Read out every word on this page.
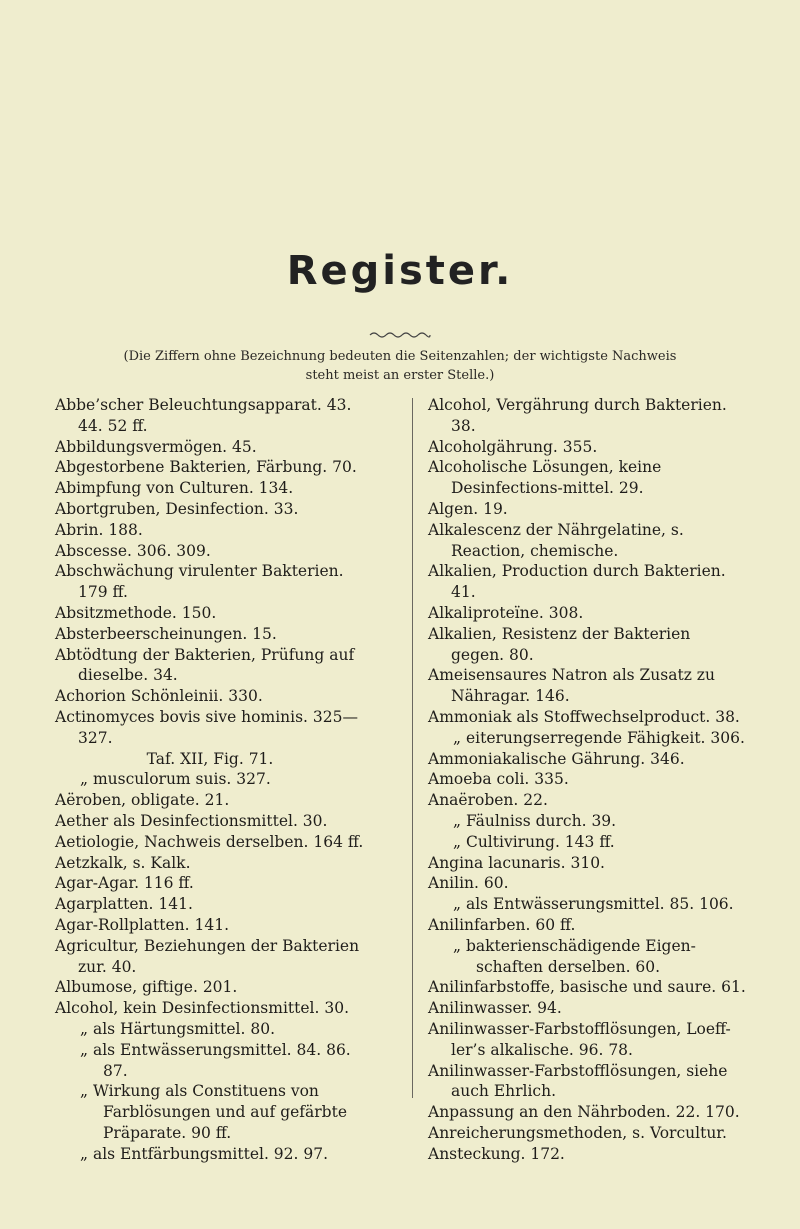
Register.
(Die Ziffern ohne Bezeichnung bedeuten die Seitenzahlen; der wichtigste Nachweis
steht meist an erster Stelle.)
Abbe’scher Beleuchtungsapparat. 43. 44. 52 ff.
Abbildungsvermögen. 45.
Abgestorbene Bakterien, Färbung. 70.
Abimpfung von Culturen. 134.
Abortgruben, Desinfection. 33.
Abrin. 188.
Abscesse. 306. 309.
Abschwächung virulenter Bakterien. 179 ff.
Absitzmethode. 150.
Absterbeerscheinungen. 15.
Abtödtung der Bakterien, Prüfung auf dieselbe. 34.
Achorion Schönleinii. 330.
Actinomyces bovis sive hominis. 325—327.
Taf. XII, Fig. 71.
„ musculorum suis. 327.
Aëroben, obligate. 21.
Aether als Desinfectionsmittel. 30.
Aetiologie, Nachweis derselben. 164 ff.
Aetzkalk, s. Kalk.
Agar-Agar. 116 ff.
Agarplatten. 141.
Agar-Rollplatten. 141.
Agricultur, Beziehungen der Bakterien zur. 40.
Albumose, giftige. 201.
Alcohol, kein Desinfectionsmittel. 30.
„ als Härtungsmittel. 80.
„ als Entwässerungsmittel. 84. 86. 87.
„ Wirkung als Constituens von Farblösungen und auf gefärbte Präparate. 90 ff.
„ als Entfärbungsmittel. 92. 97.
Alcohol, Vergährung durch Bakterien. 38.
Alcoholgährung. 355.
Alcoholische Lösungen, keine Desinfections-mittel. 29.
Algen. 19.
Alkalescenz der Nährgelatine, s. Reaction, chemische.
Alkalien, Production durch Bakterien. 41.
Alkaliproteïne. 308.
Alkalien, Resistenz der Bakterien gegen. 80.
Ameisensaures Natron als Zusatz zu Nähragar. 146.
Ammoniak als Stoffwechselproduct. 38.
„ eiterungserregende Fähigkeit. 306.
Ammoniakalische Gährung. 346.
Amoeba coli. 335.
Anaëroben. 22.
„ Fäulniss durch. 39.
„ Cultivirung. 143 ff.
Angina lacunaris. 310.
Anilin. 60.
„ als Entwässerungsmittel. 85. 106.
Anilinfarben. 60 ff.
„ bakterienschädigende Eigen-schaften derselben. 60.
Anilinfarbstoffe, basische und saure. 61.
Anilinwasser. 94.
Anilinwasser-Farbstofflösungen, Loeff-ler’s alkalische. 96. 78.
Anilinwasser-Farbstofflösungen, siehe auch Ehrlich.
Anpassung an den Nährboden. 22. 170.
Anreicherungsmethoden, s. Vorcultur.
Ansteckung. 172.
